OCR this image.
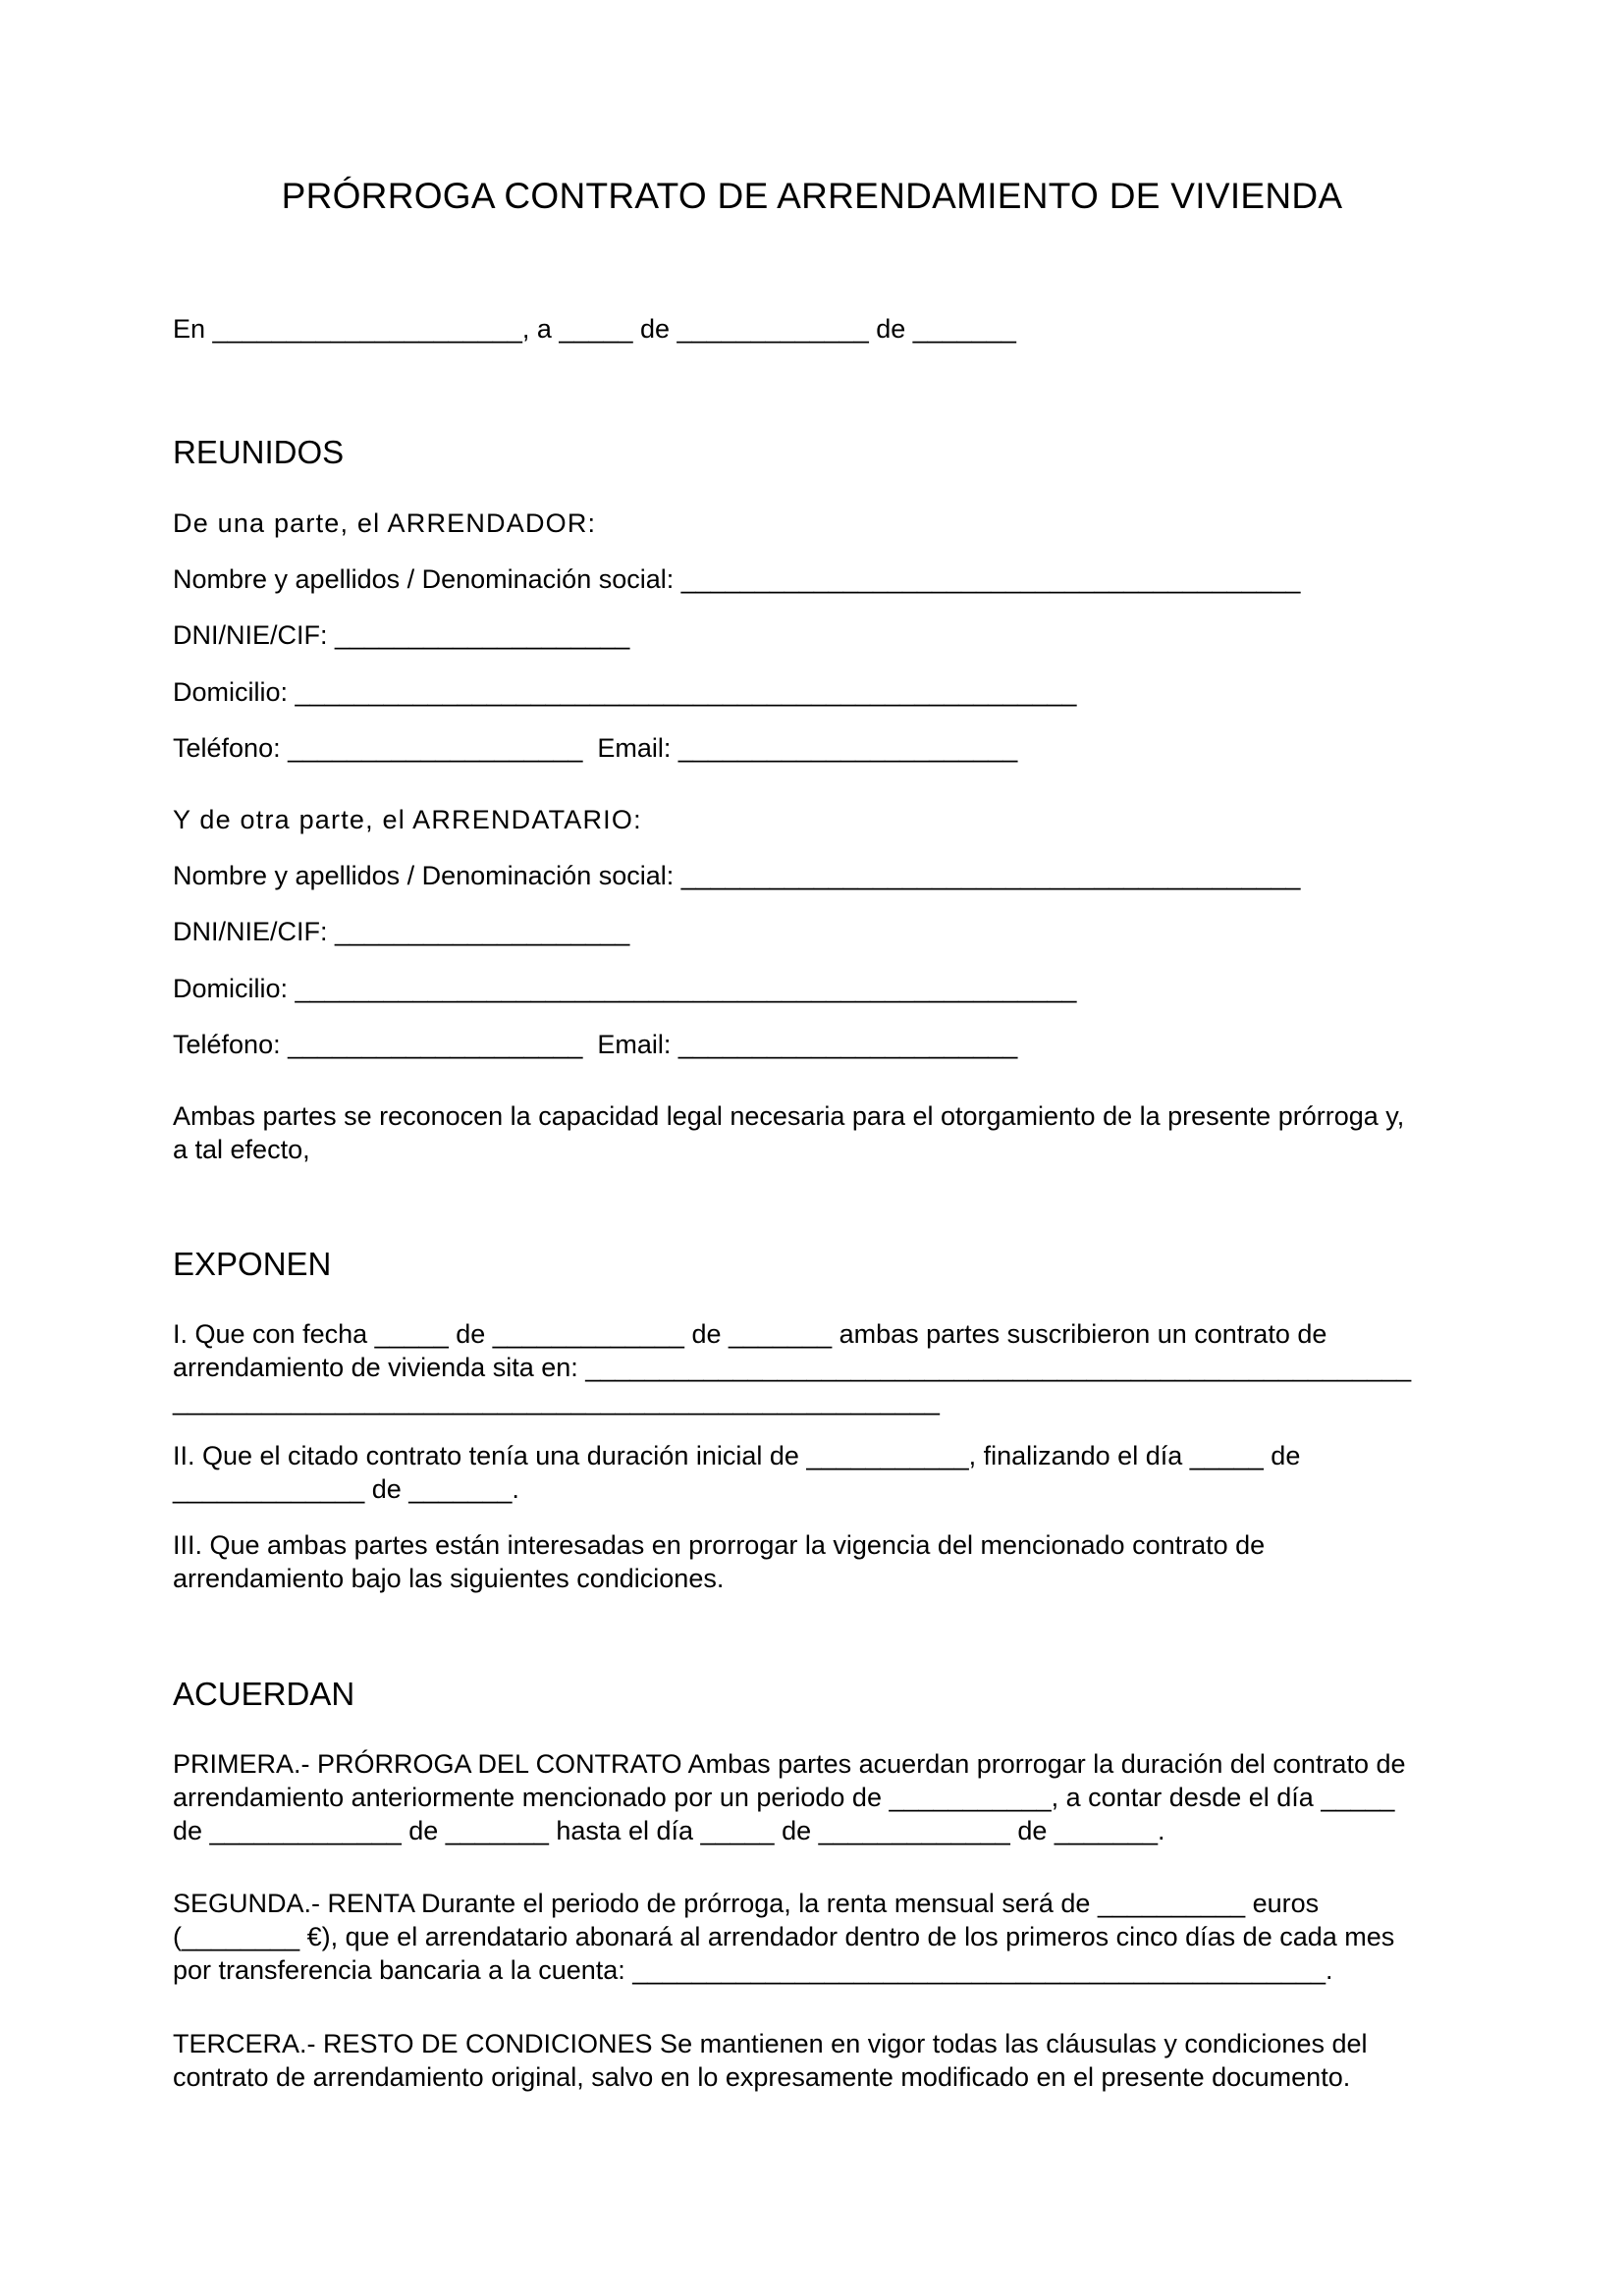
PRÓRROGA CONTRATO DE ARRENDAMIENTO DE VIVIENDA
En _____________________, a _____ de _____________ de _______
REUNIDOS
De una parte, el ARRENDADOR:
Nombre y apellidos / Denominación social: __________________________________________
DNI/NIE/CIF: ____________________
Domicilio: _____________________________________________________
Teléfono: ____________________  Email: _______________________
Y de otra parte, el ARRENDATARIO:
Nombre y apellidos / Denominación social: __________________________________________
DNI/NIE/CIF: ____________________
Domicilio: _____________________________________________________
Teléfono: ____________________  Email: _______________________
Ambas partes se reconocen la capacidad legal necesaria para el otorgamiento de la presente prórroga y,
a tal efecto,
EXPONEN
I. Que con fecha _____ de _____________ de _______ ambas partes suscribieron un contrato de
arrendamiento de vivienda sita en: ________________________________________________________
____________________________________________________
II. Que el citado contrato tenía una duración inicial de ___________, finalizando el día _____ de
_____________ de _______.
III. Que ambas partes están interesadas en prorrogar la vigencia del mencionado contrato de
arrendamiento bajo las siguientes condiciones.
ACUERDAN
PRIMERA.- PRÓRROGA DEL CONTRATO Ambas partes acuerdan prorrogar la duración del contrato de
arrendamiento anteriormente mencionado por un periodo de ___________, a contar desde el día _____
de _____________ de _______ hasta el día _____ de _____________ de _______.
SEGUNDA.- RENTA Durante el periodo de prórroga, la renta mensual será de __________ euros
(________ €), que el arrendatario abonará al arrendador dentro de los primeros cinco días de cada mes
por transferencia bancaria a la cuenta: _______________________________________________.
TERCERA.- RESTO DE CONDICIONES Se mantienen en vigor todas las cláusulas y condiciones del
contrato de arrendamiento original, salvo en lo expresamente modificado en el presente documento.
